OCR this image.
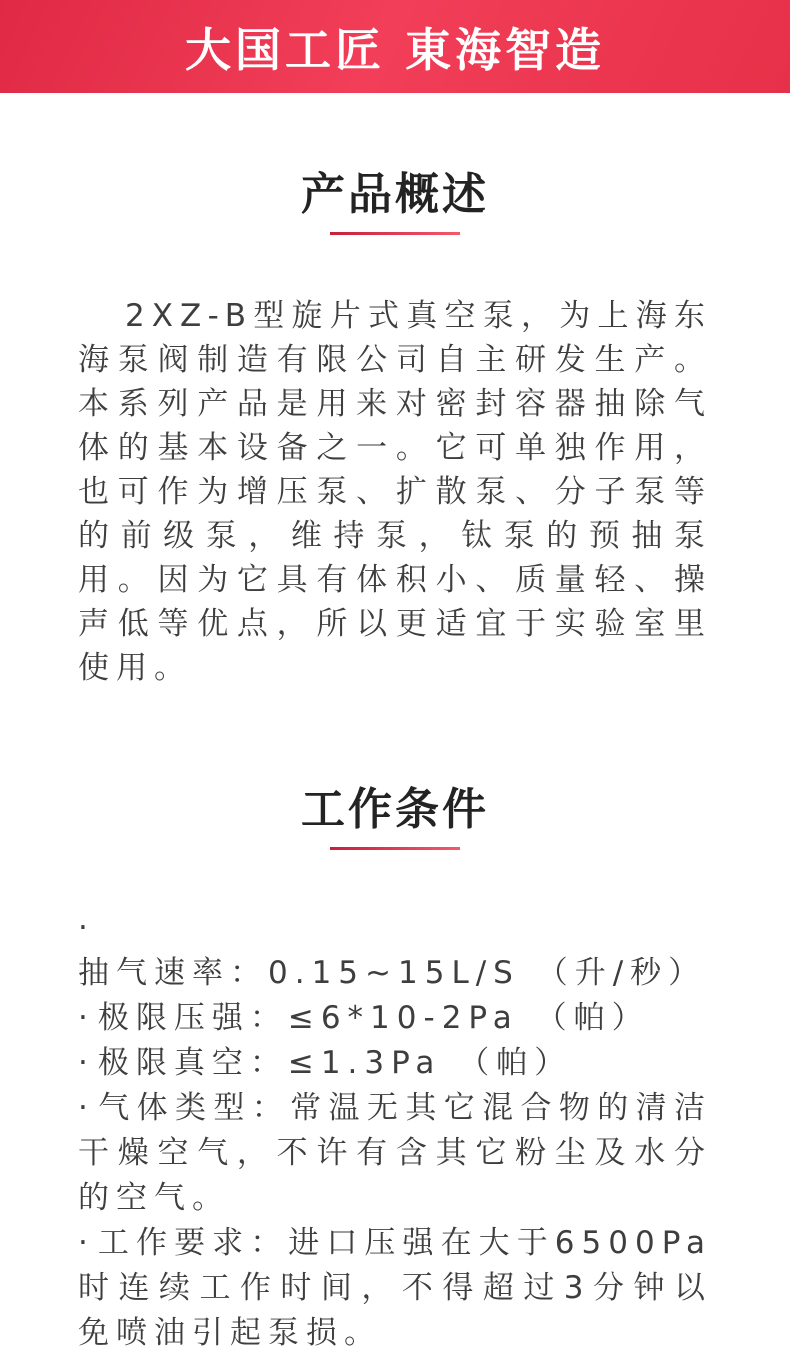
大国工匠 東海智造
产品概述

2XZ-B型旋片式真空泵，为上海东海泵阀制造有限公司自主研发生产。本系列产品是用来对密封容器抽除气体的基本设备之一。它可单独作用，也可作为增压泵、扩散泵、分子泵等的前级泵，维持泵，钛泵的预抽泵用。因为它具有体积小、质量轻、操声低等优点，所以更适宜于实验室里使用。

工作条件

·抽气速率：0.15~15L/S （升/秒）

·极限压强：≤6*10-2Pa （帕）

·极限真空：≤1.3Pa （帕）

·气体类型：常温无其它混合物的清洁干燥空气，不许有含其它粉尘及水分的空气。

·工作要求：进口压强在大于6500Pa时连续工作时间，不得超过3分钟以免喷油引起泵损。
